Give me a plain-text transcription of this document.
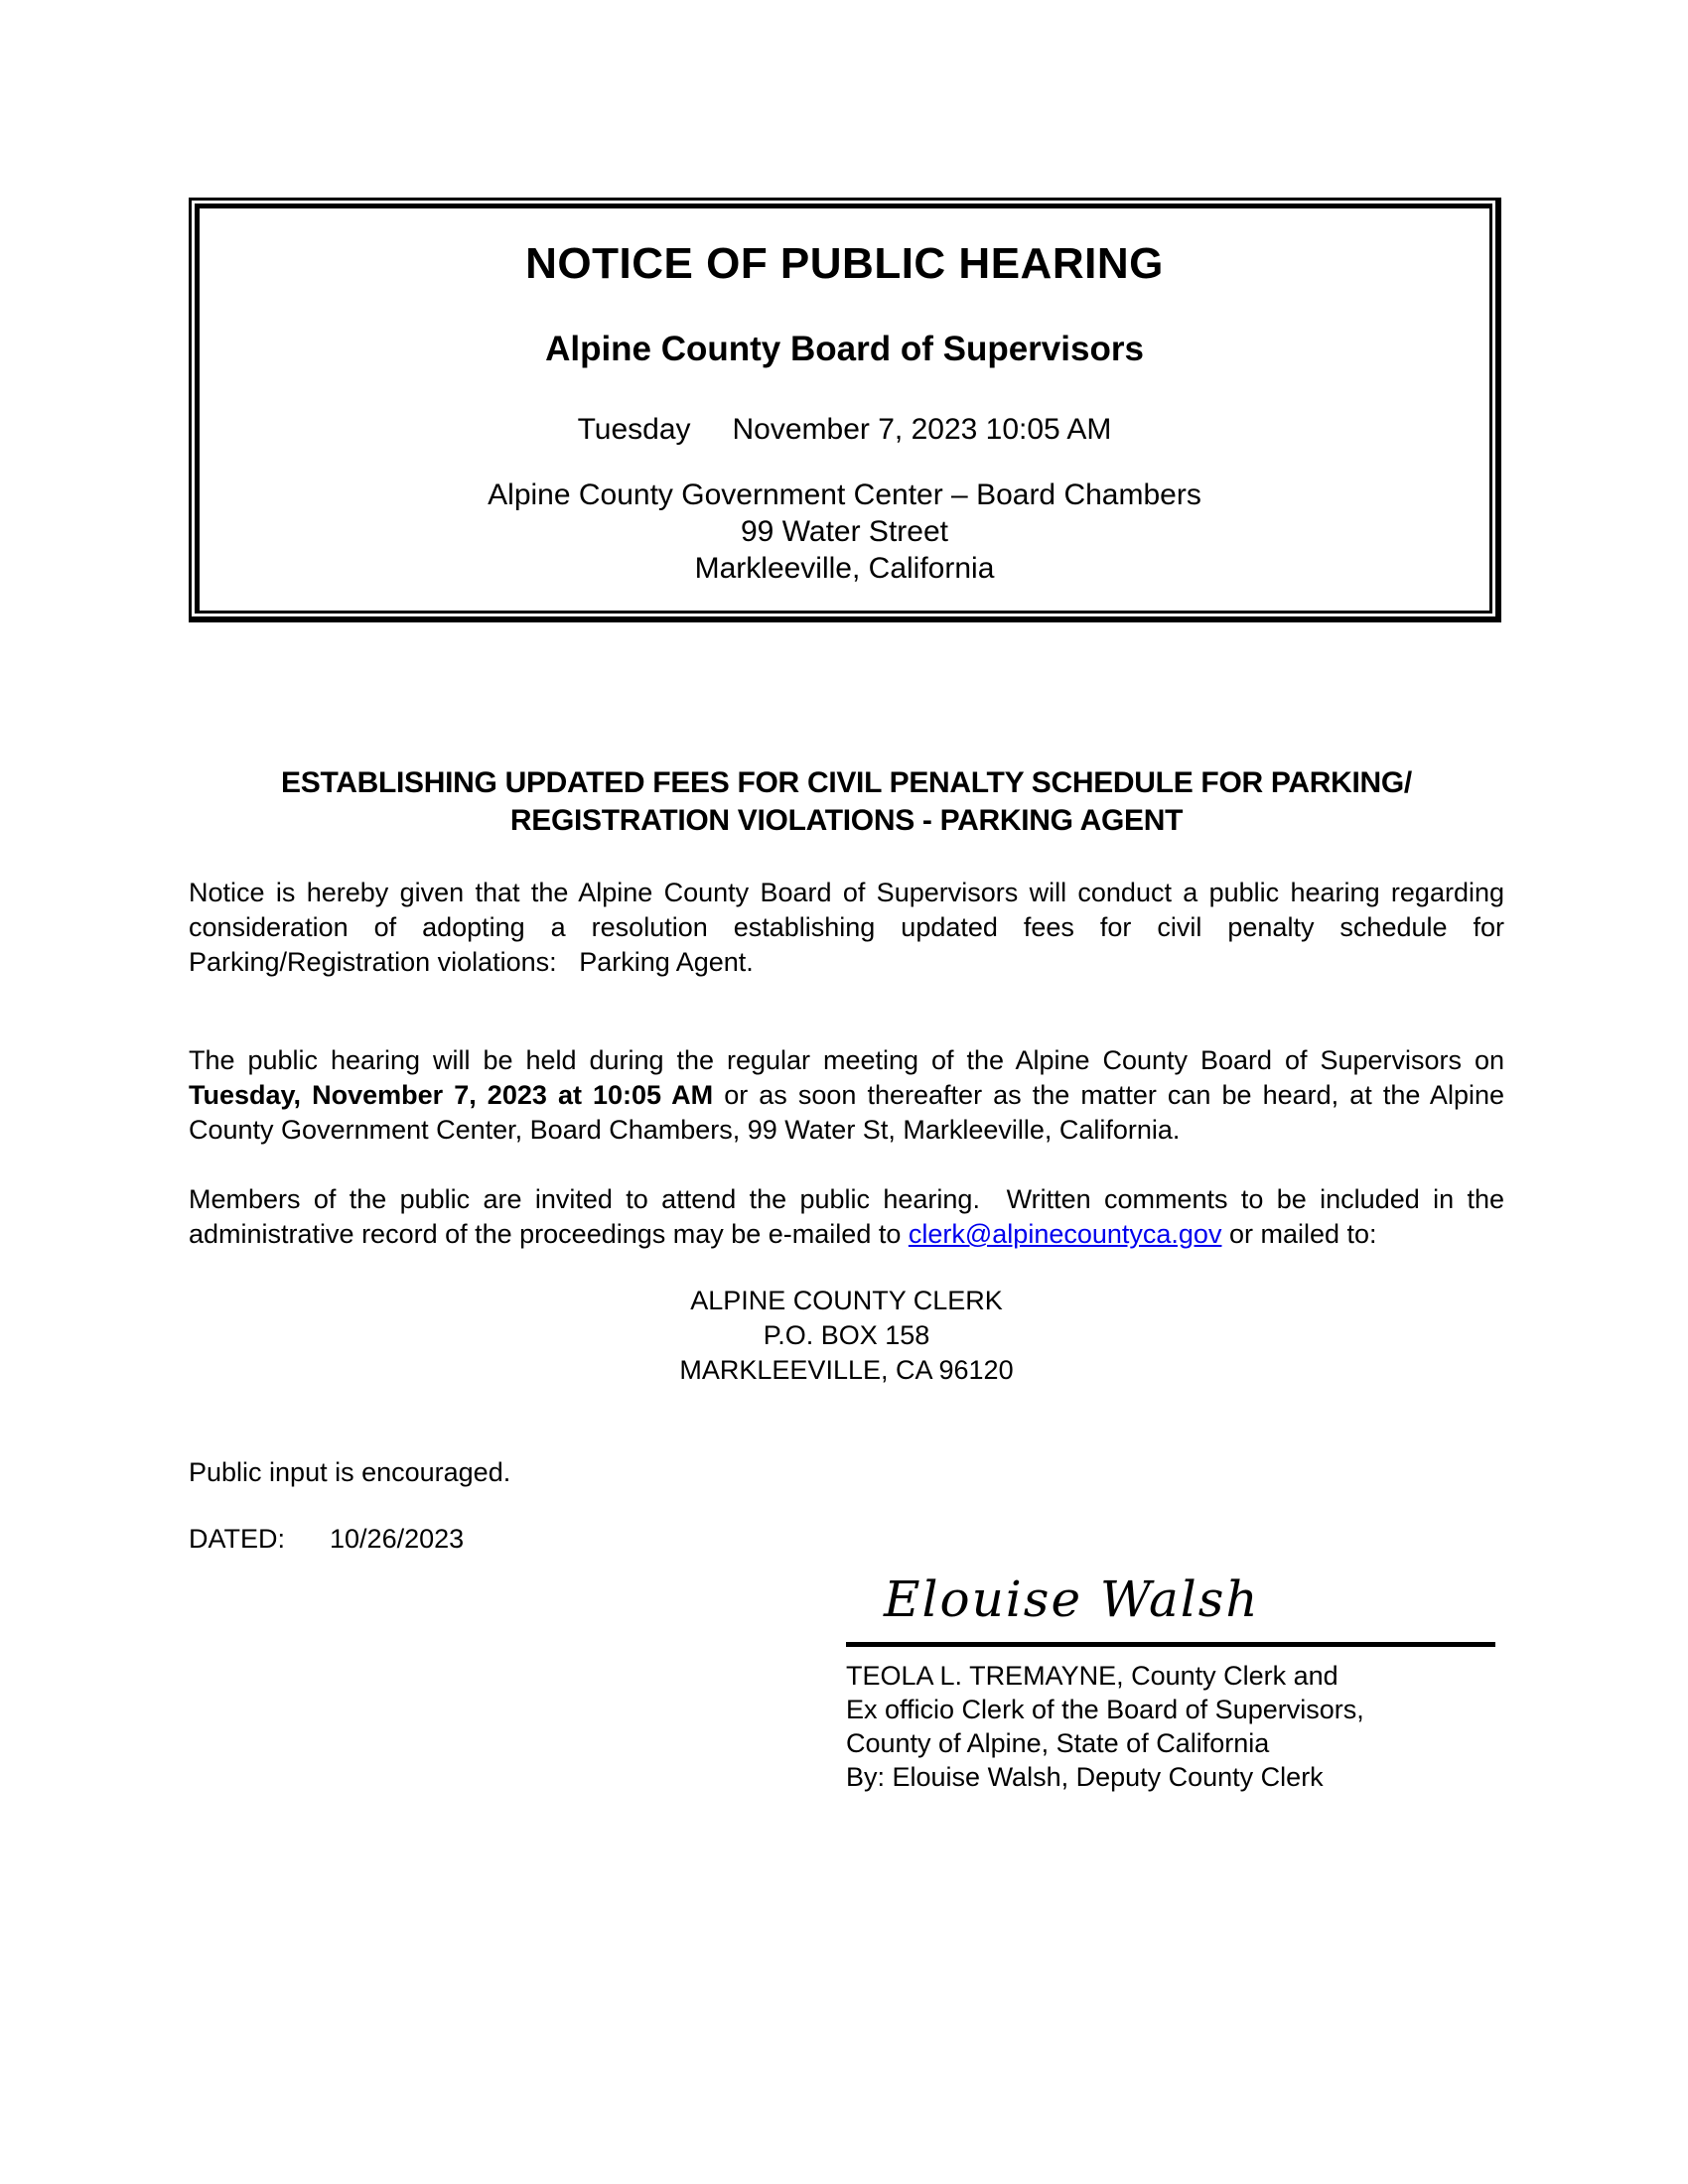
NOTICE OF PUBLIC HEARING
Alpine County Board of Supervisors
Tuesday November 7, 2023 10:05 AM
Alpine County Government Center – Board Chambers
99 Water Street
Markleeville, California

ESTABLISHING UPDATED FEES FOR CIVIL PENALTY SCHEDULE FOR PARKING/ REGISTRATION VIOLATIONS - PARKING AGENT

Notice is hereby given that the Alpine County Board of Supervisors will conduct a public hearing regarding consideration of adopting a resolution establishing updated fees for civil penalty schedule for Parking/Registration violations:   Parking Agent.

The public hearing will be held during the regular meeting of the Alpine County Board of Supervisors on Tuesday, November 7, 2023 at 10:05 AM or as soon thereafter as the matter can be heard, at the Alpine County Government Center, Board Chambers, 99 Water St, Markleeville, California.

Members of the public are invited to attend the public hearing.  Written comments to be included in the administrative record of the proceedings may be e-mailed to clerk@alpinecountyca.gov or mailed to:

ALPINE COUNTY CLERK
P.O. BOX 158
MARKLEEVILLE, CA 96120

Public input is encouraged.

DATED: 10/26/2023
Elouise Walsh
TEOLA L. TREMAYNE, County Clerk and
Ex officio Clerk of the Board of Supervisors,
County of Alpine, State of California
By: Elouise Walsh, Deputy County Clerk
